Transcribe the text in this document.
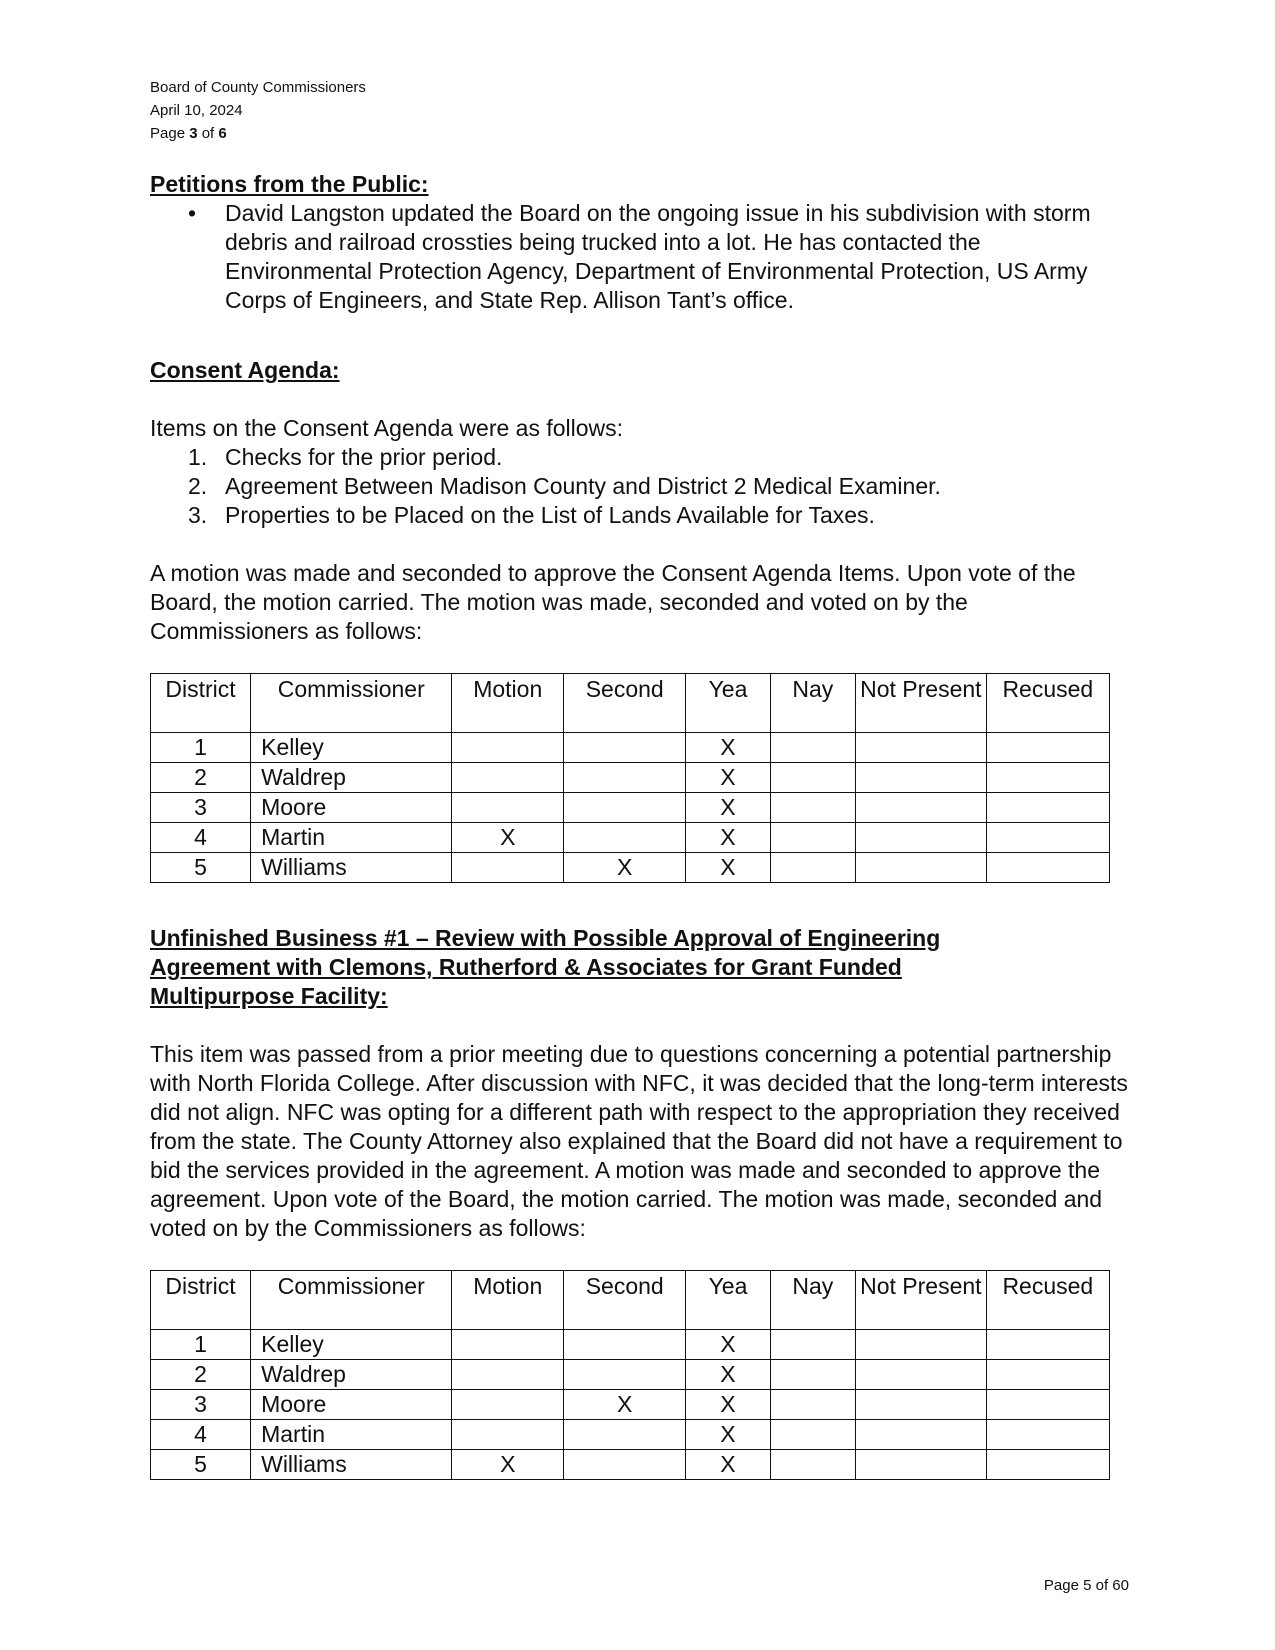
Board of County Commissioners
April 10, 2024
Page 3 of 6
Petitions from the Public:
• David Langston updated the Board on the ongoing issue in his subdivision with storm debris and railroad crossties being trucked into a lot. He has contacted the Environmental Protection Agency, Department of Environmental Protection, US Army Corps of Engineers, and State Rep. Allison Tant’s office.
Consent Agenda:

Items on the Consent Agenda were as follows:

1. Checks for the prior period.
2. Agreement Between Madison County and District 2 Medical Examiner.
3. Properties to be Placed on the List of Lands Available for Taxes.

A motion was made and seconded to approve the Consent Agenda Items. Upon vote of the Board, the motion carried. The motion was made, seconded and voted on by the Commissioners as follows:

District	Commissioner	Motion	Second	Yea	Nay	Not Present	Recused
1	Kelley			X			
2	Waldrep			X			
3	Moore			X			
4	Martin	X		X			
5	Williams		X	X			
Unfinished Business #1 – Review with Possible Approval of Engineering Agreement with Clemons, Rutherford & Associates for Grant Funded Multipurpose Facility:

This item was passed from a prior meeting due to questions concerning a potential partnership with North Florida College. After discussion with NFC, it was decided that the long-term interests did not align. NFC was opting for a different path with respect to the appropriation they received from the state. The County Attorney also explained that the Board did not have a requirement to bid the services provided in the agreement. A motion was made and seconded to approve the agreement. Upon vote of the Board, the motion carried. The motion was made, seconded and voted on by the Commissioners as follows:

District	Commissioner	Motion	Second	Yea	Nay	Not Present	Recused
1	Kelley			X			
2	Waldrep			X			
3	Moore		X	X			
4	Martin			X			
5	Williams	X		X			
Page 5 of 60
